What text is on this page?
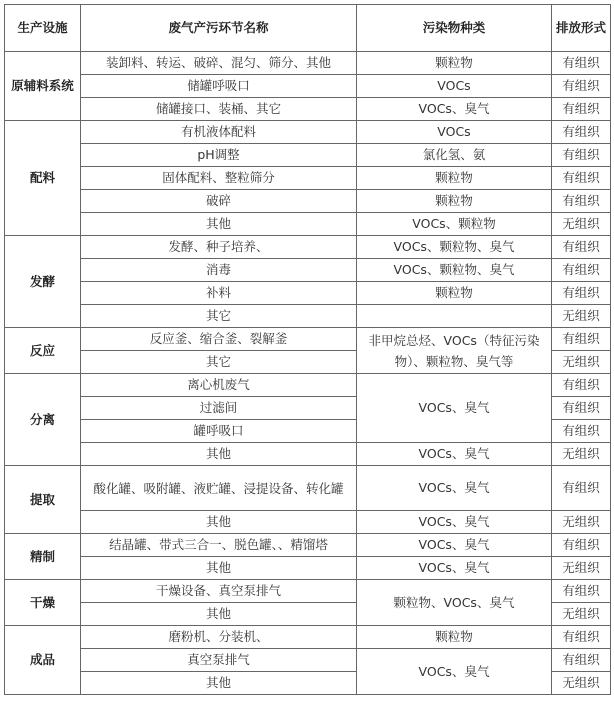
生产设施	废气产污环节名称	污染物种类	排放形式
原辅料系统	装卸料、转运、破碎、混匀、筛分、其他	颗粒物	有组织
	储罐呼吸口	VOCs	有组织
	储罐接口、装桶、其它	VOCs、臭气	有组织
配料	有机液体配料	VOCs	有组织
	pH调整	氯化氢、氨	有组织
	固体配料、整粒筛分	颗粒物	有组织
	破碎	颗粒物	有组织
	其他	VOCs、颗粒物	无组织
发酵	发酵、种子培养、	VOCs、颗粒物、臭气	有组织
	消毒	VOCs、颗粒物、臭气	有组织
	补料	颗粒物	有组织
	其它		无组织
反应	反应釜、缩合釜、裂解釜	非甲烷总烃、VOCs（特征污染物）、颗粒物、臭气等	有组织
	其它		无组织
分离	离心机废气	VOCs、臭气	有组织
	过滤间		有组织
	罐呼吸口		有组织
	其他	VOCs、臭气	无组织
提取	酸化罐、吸附罐、液贮罐、浸提设备、转化罐	VOCs、臭气	有组织
	其他	VOCs、臭气	无组织
精制	结晶罐、带式三合一、脱色罐、、精馏塔	VOCs、臭气	有组织
	其他	VOCs、臭气	无组织
干燥	干燥设备、真空泵排气	颗粒物、VOCs、臭气	有组织
	其他		无组织
成品	磨粉机、分装机、	颗粒物	有组织
	真空泵排气	VOCs、臭气	有组织
	其他		无组织
